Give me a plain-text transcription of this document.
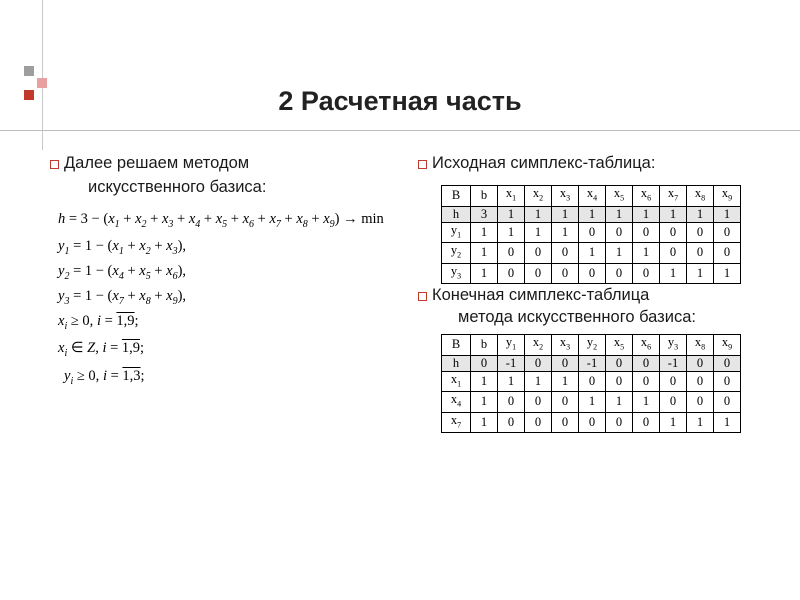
2 Расчетная часть
Далее решаем методом
искусственного базиса:
$h = 3 - (x_1 + x_2 + x_3 + x_4 + x_5 + x_6 + x_7 + x_8 + x_9) \to \min$
$y_1 = 1 - (x_1 + x_2 + x_3)$,
$y_2 = 1 - (x_4 + x_5 + x_6)$,
$y_3 = 1 - (x_7 + x_8 + x_9)$,
$x_i \ge 0$, i = 1,9;
$x_i$ ∈ Z, i = 1,9;
$y_i \ge 0$, i = 1,3;
Исходная симплекс-таблица:
B	b	$x_1$	$x_2$	$x_3$	$x_4$	$x_5$	$x_6$	$x_7$	$x_8$	$x_9$
h	3	1	1	1	1	1	1	1	1	1
$y_1$	1	1	1	1	0	0	0	0	0	0
$y_2$	1	0	0	0	1	1	1	0	0	0
$y_3$	1	0	0	0	0	0	0	1	1	1
Конечная симплекс-таблица
метода искусственного базиса:
B	b	$y_1$	$x_2$	$x_3$	$y_2$	$x_5$	$x_6$	$y_3$	$x_8$	$x_9$
h	0	-1	0	0	-1	0	0	-1	0	0
$x_1$	1	1	1	1	0	0	0	0	0	0
$x_4$	1	0	0	0	1	1	1	0	0	0
$x_7$	1	0	0	0	0	0	0	1	1	1
